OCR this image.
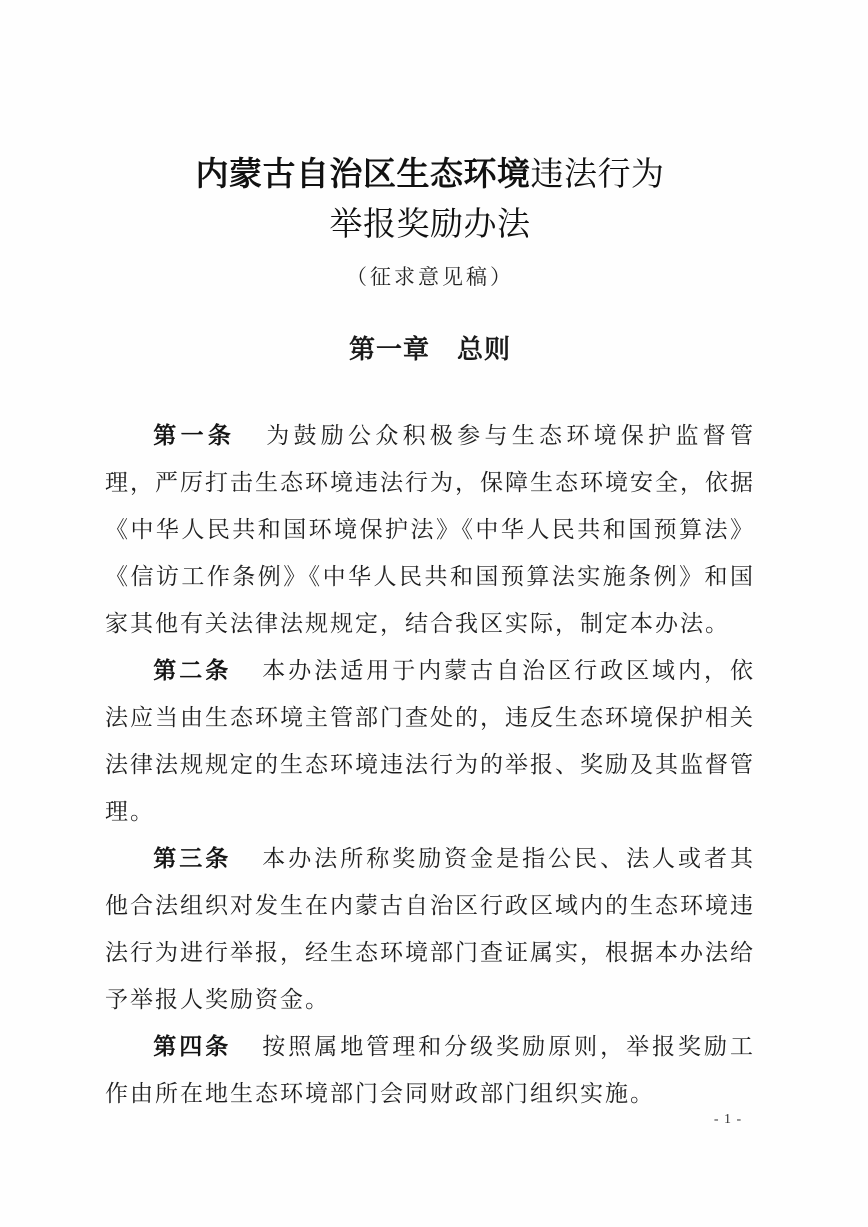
内蒙古自治区生态环境违法行为
举报奖励办法
（征求意见稿）
第一章　总则

第一条 为鼓励公众积极参与生态环境保护监督管理，严厉打击生态环境违法行为，保障生态环境安全，依据《中华人民共和国环境保护法》《中华人民共和国预算法》《信访工作条例》《中华人民共和国预算法实施条例》和国家其他有关法律法规规定，结合我区实际，制定本办法。

第二条 本办法适用于内蒙古自治区行政区域内，依法应当由生态环境主管部门查处的，违反生态环境保护相关法律法规规定的生态环境违法行为的举报、奖励及其监督管理。

第三条 本办法所称奖励资金是指公民、法人或者其他合法组织对发生在内蒙古自治区行政区域内的生态环境违法行为进行举报，经生态环境部门查证属实，根据本办法给予举报人奖励资金。

第四条 按照属地管理和分级奖励原则，举报奖励工作由所在地生态环境部门会同财政部门组织实施。

- 1 -
